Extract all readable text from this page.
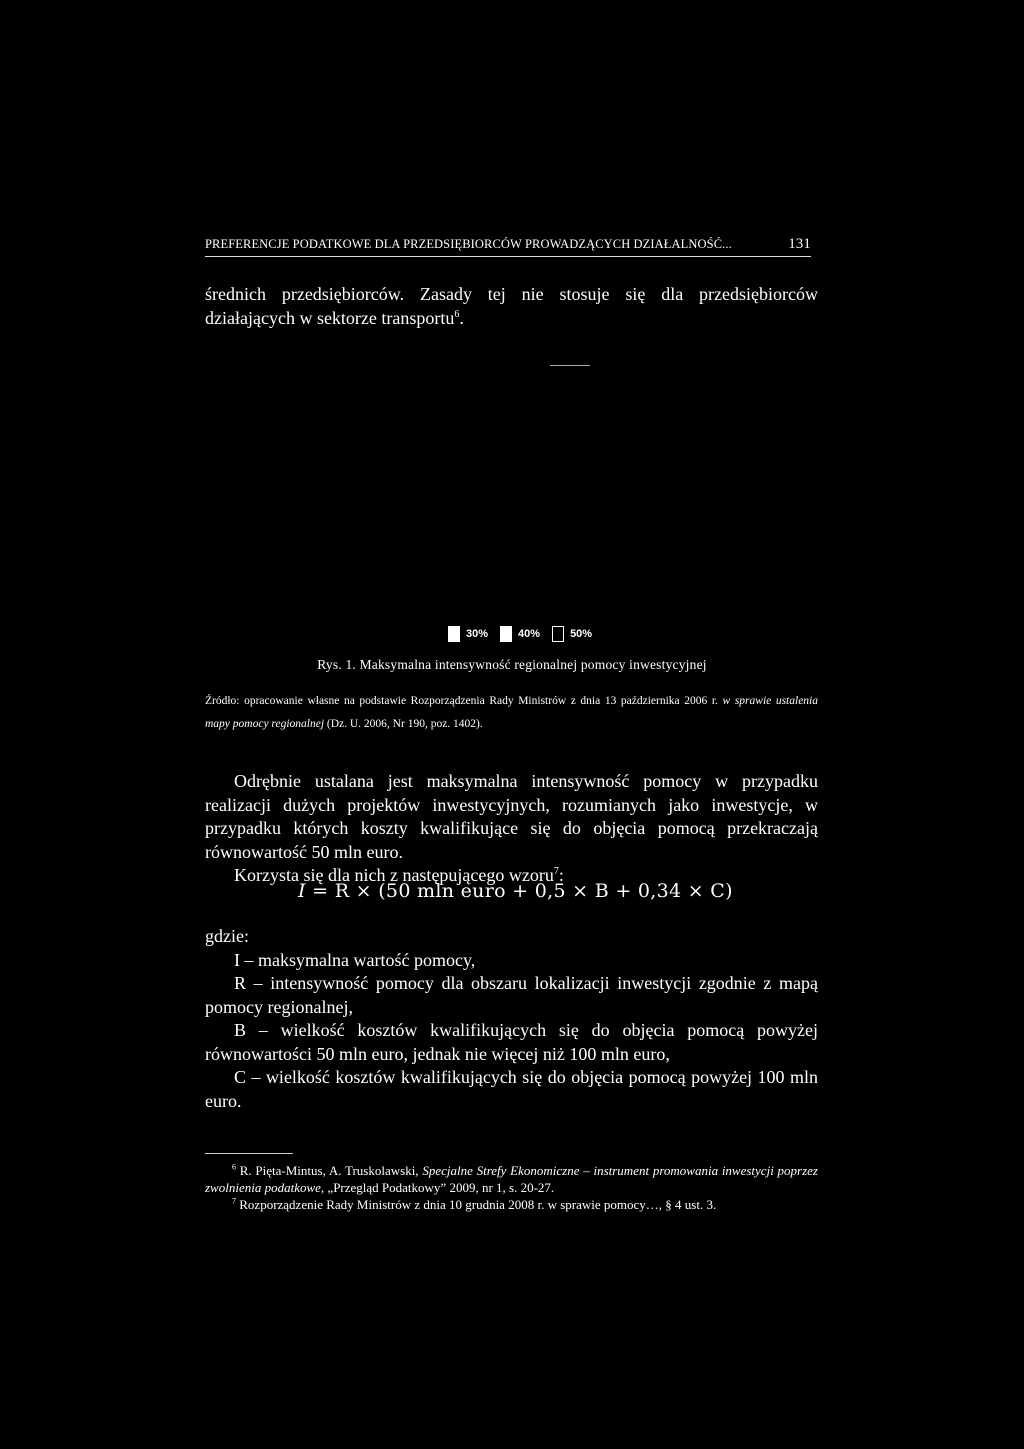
PREFERENCJE PODATKOWE DLA PRZEDSIĘBIORCÓW PROWADZĄCYCH DZIAŁALNOŚĆ...	131
średnich przedsiębiorców. Zasady tej nie stosuje się dla przedsiębiorców działających w sektorze transportu$^6$.
30%	40%	50%
Rys. 1. Maksymalna intensywność regionalnej pomocy inwestycyjnej
Źródło: opracowanie własne na podstawie Rozporządzenia Rady Ministrów z dnia 13 października 2006 r. w sprawie ustalenia mapy pomocy regionalnej (Dz. U. 2006, Nr 190, poz. 1402).
Odrębnie ustalana jest maksymalna intensywność pomocy w przypadku realizacji dużych projektów inwestycyjnych, rozumianych jako inwestycje, w przypadku których koszty kwalifikujące się do objęcia pomocą przekraczają równowartość 50 mln euro.
Korzysta się dla nich z następującego wzoru$^7$:
I = R × (50 mln euro + 0,5 × B + 0,34 × C)
gdzie:
I – maksymalna wartość pomocy,
R – intensywność pomocy dla obszaru lokalizacji inwestycji zgodnie z mapą pomocy regionalnej,
B – wielkość kosztów kwalifikujących się do objęcia pomocą powyżej równowartości 50 mln euro, jednak nie więcej niż 100 mln euro,
C – wielkość kosztów kwalifikujących się do objęcia pomocą powyżej 100 mln euro.
$^6$ R. Pięta-Mintus, A. Truskolawski, Specjalne Strefy Ekonomiczne – instrument promowania inwestycji poprzez zwolnienia podatkowe, „Przegląd Podatkowy” 2009, nr 1, s. 20-27.
$^7$ Rozporządzenie Rady Ministrów z dnia 10 grudnia 2008 r. w sprawie pomocy…, § 4 ust. 3.
